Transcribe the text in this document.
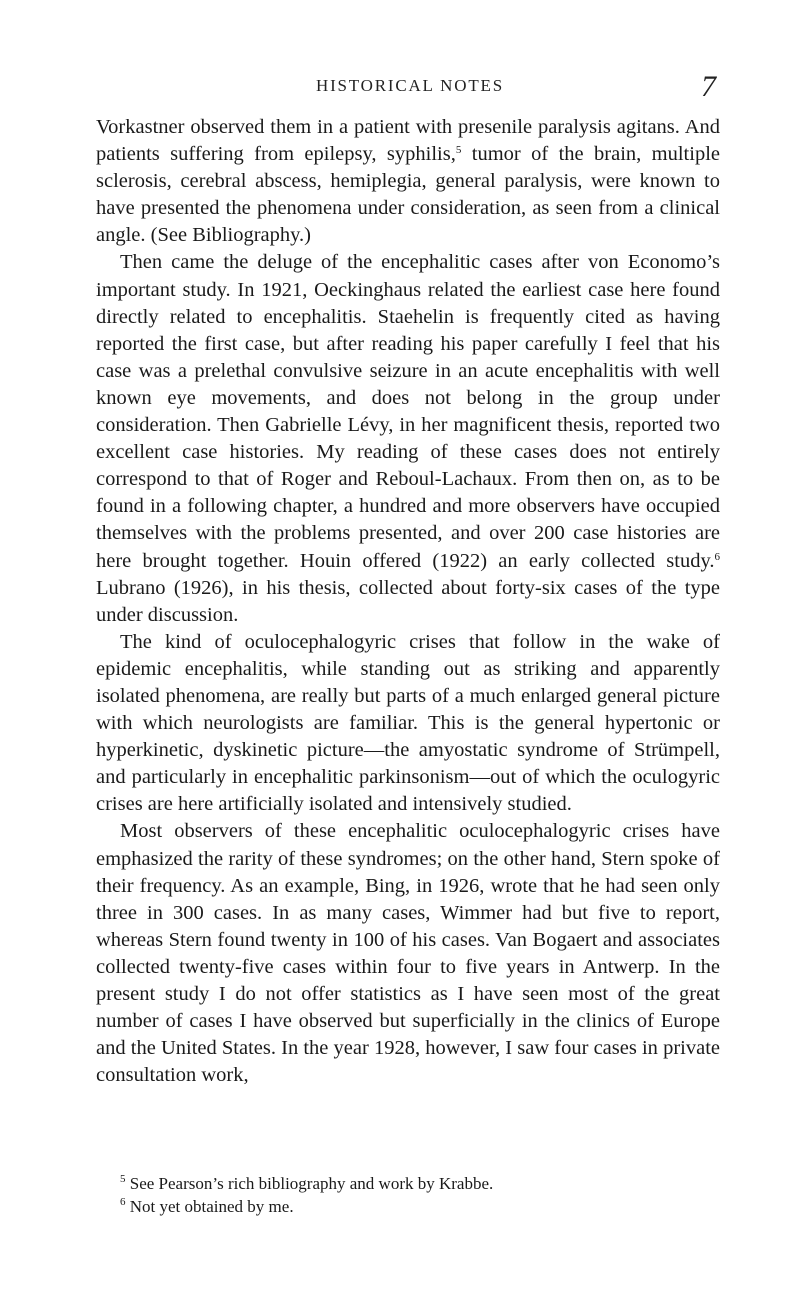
HISTORICAL NOTES	7

Vorkastner observed them in a patient with presenile paralysis agitans. And patients suffering from epilepsy, syphilis,$^5$ tumor of the brain, multiple sclerosis, cerebral abscess, hemiplegia, general paralysis, were known to have presented the phenomena under consideration, as seen from a clinical angle. (See Bibliography.)

Then came the deluge of the encephalitic cases after von Economo’s important study. In 1921, Oeckinghaus related the earliest case here found directly related to encephalitis. Staehelin is frequently cited as having reported the first case, but after reading his paper carefully I feel that his case was a prelethal convulsive seizure in an acute encephalitis with well known eye movements, and does not belong in the group under consideration. Then Gabrielle Lévy, in her magnificent thesis, reported two excellent case histories. My reading of these cases does not entirely correspond to that of Roger and Reboul-Lachaux. From then on, as to be found in a following chapter, a hundred and more observers have occupied themselves with the problems presented, and over 200 case histories are here brought together. Houin offered (1922) an early collected study.$^6$ Lubrano (1926), in his thesis, collected about forty-six cases of the type under discussion.

The kind of oculocephalogyric crises that follow in the wake of epidemic encephalitis, while standing out as striking and apparently isolated phenomena, are really but parts of a much enlarged general picture with which neurologists are familiar. This is the general hypertonic or hyperkinetic, dyskinetic picture—the amyostatic syndrome of Strümpell, and particularly in encephalitic parkinsonism—out of which the oculogyric crises are here artificially isolated and intensively studied.

Most observers of these encephalitic oculocephalogyric crises have emphasized the rarity of these syndromes; on the other hand, Stern spoke of their frequency. As an example, Bing, in 1926, wrote that he had seen only three in 300 cases. In as many cases, Wimmer had but five to report, whereas Stern found twenty in 100 of his cases. Van Bogaert and associates collected twenty-five cases within four to five years in Antwerp. In the present study I do not offer statistics as I have seen most of the great number of cases I have observed but superficially in the clinics of Europe and the United States. In the year 1928, however, I saw four cases in private consultation work,

$^5$ See Pearson’s rich bibliography and work by Krabbe.
$^6$ Not yet obtained by me.
